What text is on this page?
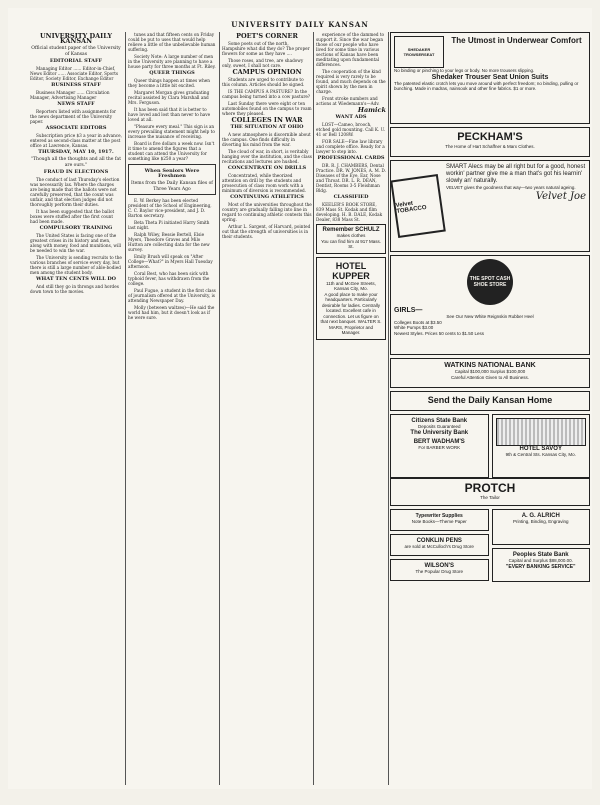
UNIVERSITY DAILY KANSAN
UNIVERSITY DAILY KANSAN
Official student paper of the University of Kansas
EDITORIAL STAFF

Managing Editor ...... Editor-in-Chief, News Editor ...... Associate Editor, Sports Editor, Society Editor, Exchange Editor

BUSINESS STAFF

Business Manager ...... Circulation Manager, Advertising Manager

NEWS STAFF

Reporters listed with assignments for the news department of the University paper.

ASSOCIATE EDITORS

Subscription price $3 a year in advance, entered as second-class matter at the post office at Lawrence, Kansas.

THURSDAY, MAY 10, 1917.
"Though all the thoughts and all the fat are ours."
FRAUD IN ELECTIONS

The conduct of last Thursday's election was necessarily lax. Where the charges are being made that the ballots were not carefully preserved, that the count was unfair, and that election judges did not thoroughly perform their duties.

It has been suggested that the ballot boxes were stuffed after the first count had been made.

COMPULSORY TRAINING

The United States is facing one of the greatest crises in its history and men, along with money, food and munitions, will be needed to win the war.

The University is sending recruits to the various branches of service every day, but there is still a large number of able-bodied men among the student body.

WHAT TEN CENTS WILL DO

And still they go in throngs and hordes down town to the movies.

tunes and that fifteen cents on Friday could be put to uses that would help relieve a little of the unbelievable human suffering.

Society Note: A large number of men in the University are planning to have a house party for three months at Ft. Riley.

QUEER THINGS

Queer things happen at times when they become a little bit excited.

Margaret Morgan gives graduating recital assisted by Clara Marshall and Mrs. Ferguson.

It has been said that it is better to have loved and lost than never to have loved at all.

"Pleasure every meal." This sign is an every prevailing statement might help to increase the nuisance of receiving.

Board is five dollars a week now. Isn't it time to amend the figures that a student can attend the University for something like $250 a year?

When Seniors Were Freshmen
Items from the Daily Kansan files of Three Years Ago

E. W. Berkey has been elected president of the School of Engineering, C. C. Baylor vice-president, and J. D. Barton secretary.

Beta Theta Pi initiated Harry Smith last night.

Ralph Wiley, Bessie Bertell, Elsie Myers, Theodore Graves and Milo Hutton are collecting data for the new survey.

Emily Brush will speak on "After College—What?" in Myers Hall Tuesday afternoon.

Coral Best, who has been sick with typhoid fever, has withdrawn from the college.

Paul Fugue, a student in the first class of journalism offered at the University, is attending Newspaper Day.

Molly (between waltzes)—He said the world had him, but it doesn't look as if he were sure.

POET'S CORNER

Some poets out of the north, Hampshire what did they do? The proper flowers for some as they have ....

Those roses, and tree, are shadowy only, sweet, I shall not care.

CAMPUS OPINION

Students are urged to contribute to this column. Articles should be signed.

IS THE CAMPUS A PASTURE? In the campus being turned into a cow pasture?

Last Sunday there were eight or ten automobiles found on the campus to roam where they pleased.

COLLEGES IN WAR
THE SITUATION AT OHIO

A new atmosphere is discernible about the campus. One finds difficulty in diverting his mind from the war.

The cloud of war, in short, is veritably hanging over the institution, and the class recitations and lectures are hushed.

CONCENTRATE ON DRILLS

Concentrated, while theorized attention on drill by the students and prosecution of class room work with a minimum of diversion is recommended.

CONTINUING ATHLETICS

Most of the universities throughout the country are gradually falling into line in regard to continuing athletic contests this spring.

Arthur L. Sargent, of Harvard, pointed out that the strength of universities is in their students.

experience of the dammed to support it. Since the war began those of our people who have lived for some time in various sections of Kansas have been meditating upon fundamental differences.

The cooperation of the kind required is very rarely to be found, and much depends on the spirit shown by the men in charge.

Front stroke numbers and actions at Wiedemann's—Adv.

Hamick
WANT ADS

LOST—Cameo, brooch, etched gold mounting. Call K. U. 41 or Bell 1208W.

FOR SALE—Fine law library and complete office. Ready for a lawyer to step into.

PROFESSIONAL CARDS

DR. R. J. CHAMBERS, Dental Practice. DR. W. JONES, A. M. D. Diseases of the Eye, Ear, Nose and Throat. DR. L. R. DEAN, Dentist, Rooms 3-5 Fleishman Bldg.

CLASSIFIED

KEELER'S BOOK STORE, 839 Mass St. Kodak and film developing. H. B. DALE, Kodak Dealer, 838 Mass St.

Remember SCHULZ
makes clothes
You can find him at 917 Mass. St.
HOTEL KUPPER
11th and McGee Streets, Kansas City, Mo.
A good place to make your headquarters. Particularly desirable for ladies. Centrally located. Excellent cafe in connection. Let us figure on that next banquet. WALTER S. MARS, Proprietor and Manager.
SHEDAKER TROWSERSEAT
The Utmost in Underwear Comfort
No binding or pinching to your legs or body. No more trousers slipping.
Shedaker Trouser Seat Union Suits
The patented elastic crotch lets you move around with perfect freedom; no binding, pulling or bunching. Made in madras, nainsook and other fine fabrics. $1 or more.
PECKHAM'S
The Home of Hart Schaffner & Marx Clothes.
Velvet TOBACCO
SMART Alecs may be all right but for a good, honest workin' partner give me a man that's got his learnin' slowly an' naturally.
VELVET gives the goodness that way—two years natural ageing.
Velvet Joe
THE SPOT CASH SHOE STORE
GIRLS—
See Our New White Reignskin Rubber Heel
Colleges Boots at $3.50
White Pumps $3.00
Newest Styles. Prices 50 cents to $1.50 Less
WATKINS NATIONAL BANK
Capital $100,000 Surplus $100,000
Careful Attention Given to All Business.
Send the Daily Kansan Home
Citizens State Bank
Deposits Guaranteed
The University Bank
BERT WADHAM'S
For BARBER WORK	HOTEL SAVOY
9th & Central Sts. Kansas City, Mo.
PROTCH
The Tailor
Typewriter Supplies
Note Books—Theme Paper
CONKLIN PENS
are sold at McCulloch's Drug Store
WILSON'S
The Popular Drug Store
A. G. ALRICH
Printing, Binding, Engraving
Peoples State Bank
Capital and Surplus $88,000.00.
"EVERY BANKING SERVICE"
